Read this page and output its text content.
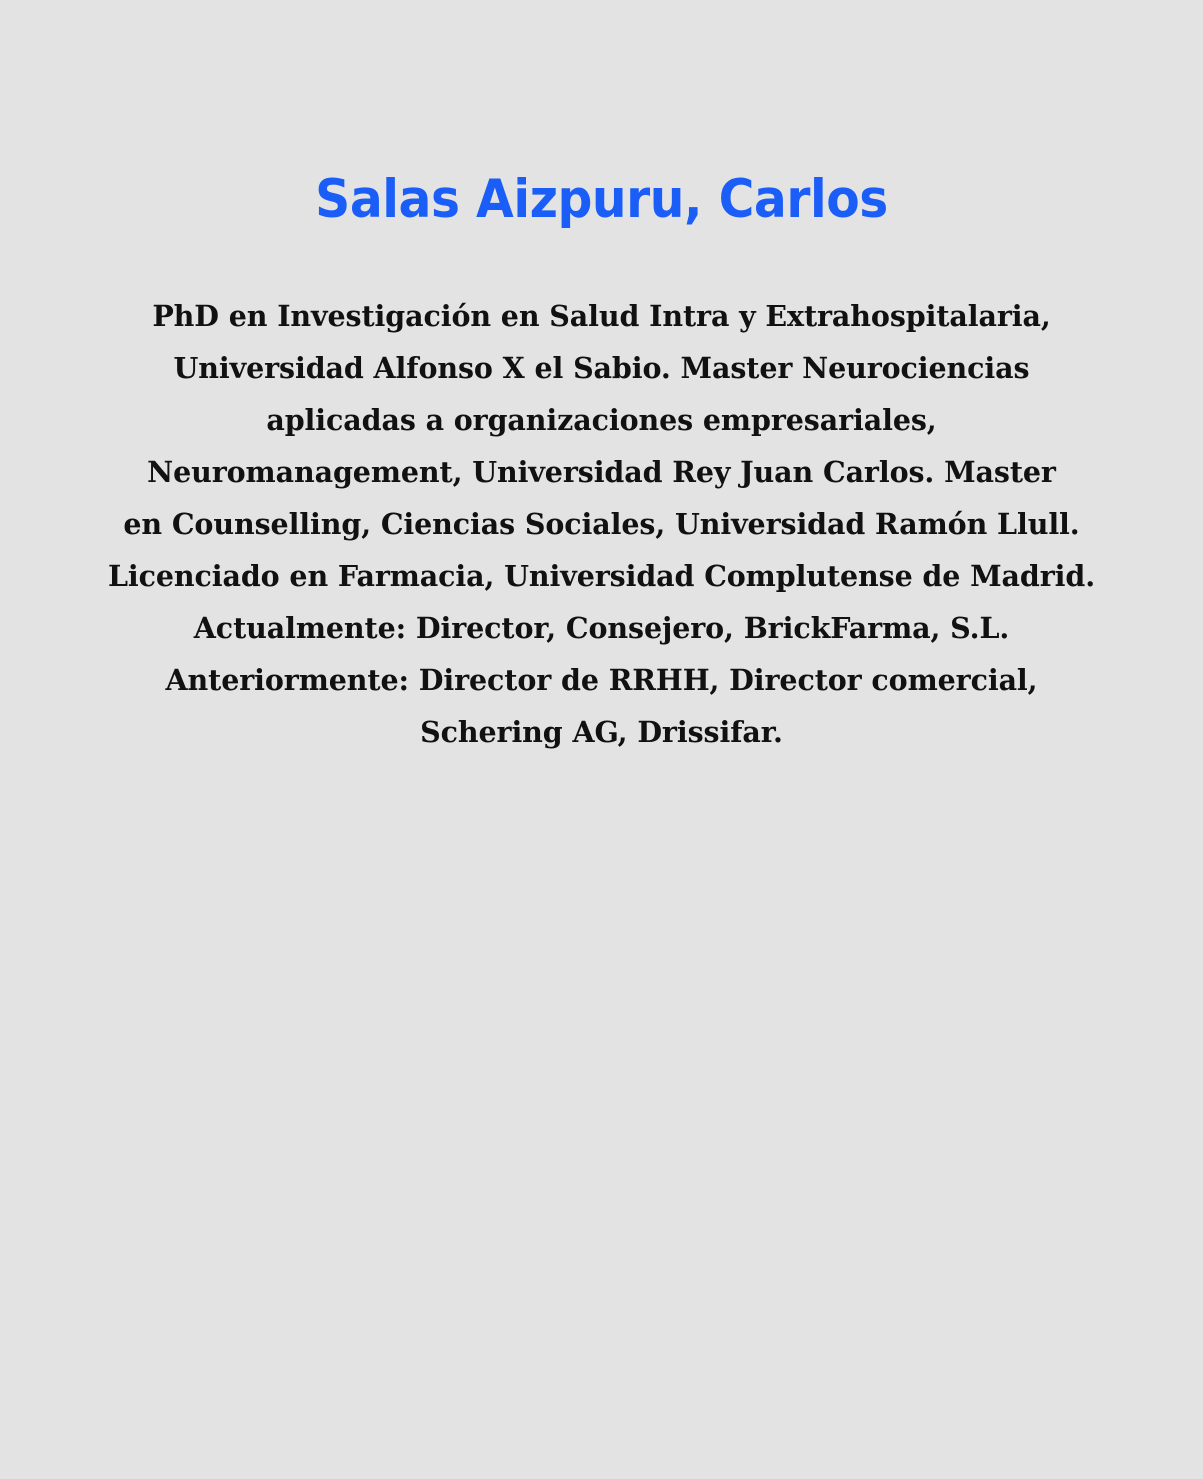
Salas Aizpuru, Carlos
PhD en Investigación en Salud Intra y Extrahospitalaria,
Universidad Alfonso X el Sabio. Master Neurociencias
aplicadas a organizaciones empresariales,
Neuromanagement, Universidad Rey Juan Carlos. Master
en Counselling, Ciencias Sociales, Universidad Ramón Llull.
Licenciado en Farmacia, Universidad Complutense de Madrid.
Actualmente: Director, Consejero, BrickFarma, S.L.
Anteriormente: Director de RRHH, Director comercial,
Schering AG, Drissifar.
